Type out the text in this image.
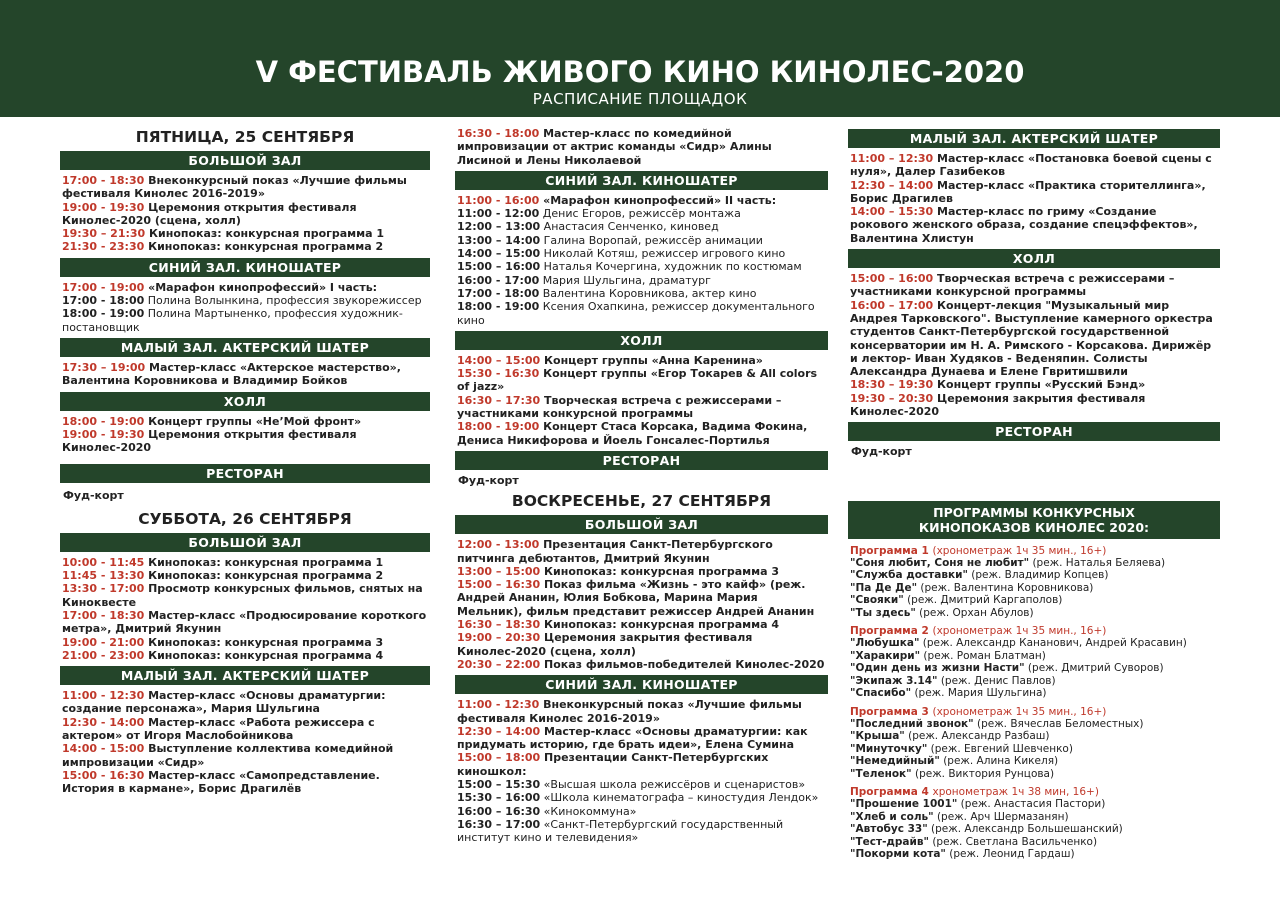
V ФЕСТИВАЛЬ ЖИВОГО КИНО КИНОЛЕС-2020
РАСПИСАНИЕ ПЛОЩАДОК
ПЯТНИЦА, 25 СЕНТЯБРЯ
БОЛЬШОЙ ЗАЛ
17:00 - 18:30 Внеконкурсный показ «Лучшие фильмы фестиваля Кинолес 2016-2019»
19:00 - 19:30 Церемония открытия фестиваля Кинолес-2020 (сцена, холл)
19:30 – 21:30 Кинопоказ: конкурсная программа 1
21:30 - 23:30 Кинопоказ: конкурсная программа 2
СИНИЙ ЗАЛ. КИНОШАТЕР
17:00 - 19:00 «Марафон кинопрофессий» I часть:
17:00 - 18:00 Полина Волынкина, профессия звукорежиссер
18:00 - 19:00 Полина Мартыненко, профессия художник-постановщик
МАЛЫЙ ЗАЛ. АКТЕРСКИЙ ШАТЕР
17:30 – 19:00 Мастер-класс «Актерское мастерство», Валентина Коровникова и Владимир Бойков
ХОЛЛ
18:00 - 19:00 Концерт группы «Не’Мой фронт»
19:00 - 19:30 Церемония открытия фестиваля Кинолес-2020
РЕСТОРАН
Фуд-корт
СУББОТА, 26 СЕНТЯБРЯ
БОЛЬШОЙ ЗАЛ
10:00 - 11:45 Кинопоказ: конкурсная программа 1
11:45 - 13:30 Кинопоказ: конкурсная программа 2
13:30 - 17:00 Просмотр конкурсных фильмов, снятых на Киноквесте
17:00 - 18:30 Мастер-класс «Продюсирование короткого метра», Дмитрий Якунин
19:00 - 21:00 Кинопоказ: конкурсная программа 3
21:00 - 23:00 Кинопоказ: конкурсная программа 4
МАЛЫЙ ЗАЛ. АКТЕРСКИЙ ШАТЕР
11:00 - 12:30 Мастер-класс «Основы драматургии: создание персонажа», Мария Шульгина
12:30 - 14:00 Мастер-класс «Работа режиссера с актером» от Игоря Маслобойникова
14:00 - 15:00 Выступление коллектива комедийной импровизации «Сидр»
15:00 - 16:30 Мастер-класс «Самопредставление. История в кармане», Борис Драгилёв
16:30 - 18:00 Мастер-класс по комедийной импровизации от актрис команды «Сидр» Алины Лисиной и Лены Николаевой
СИНИЙ ЗАЛ. КИНОШАТЕР
11:00 - 16:00 «Марафон кинопрофессий» II часть:
11:00 - 12:00 Денис Егоров, режиссёр монтажа
12:00 – 13:00 Анастасия Сенченко, киновед
13:00 – 14:00 Галина Воропай, режиссёр анимации
14:00 – 15:00 Николай Котяш, режиссер игрового кино
15:00 – 16:00 Наталья Кочергина, художник по костюмам
16:00 - 17:00 Мария Шульгина, драматург
17:00 - 18:00 Валентина Коровникова, актер кино
18:00 - 19:00 Ксения Охапкина, режиссер документального кино
ХОЛЛ
14:00 – 15:00 Концерт группы «Анна Каренина»
15:30 - 16:30 Концерт группы «Егор Токарев & All colors of jazz»
16:30 – 17:30 Творческая встреча с режиссерами – участниками конкурсной программы
18:00 - 19:00 Концерт Стаса Корсака, Вадима Фокина, Дениса Никифорова и Йоель Гонсалес-Портилья
РЕСТОРАН
Фуд-корт
ВОСКРЕСЕНЬЕ, 27 СЕНТЯБРЯ
БОЛЬШОЙ ЗАЛ
12:00 - 13:00 Презентация Санкт-Петербургского питчинга дебютантов, Дмитрий Якунин
13:00 – 15:00 Кинопоказ: конкурсная программа 3
15:00 – 16:30 Показ фильма «Жизнь - это кайф» (реж. Андрей Ананин, Юлия Бобкова, Марина Мария Мельник), фильм представит режиссер Андрей Ананин
16:30 – 18:30 Кинопоказ: конкурсная программа 4
19:00 – 20:30 Церемония закрытия фестиваля Кинолес-2020 (сцена, холл)
20:30 – 22:00 Показ фильмов-победителей Кинолес-2020
СИНИЙ ЗАЛ. КИНОШАТЕР
11:00 - 12:30 Внеконкурсный показ «Лучшие фильмы фестиваля Кинолес 2016-2019»
12:30 – 14:00 Мастер-класс «Основы драматургии: как придумать историю, где брать идеи», Елена Сумина
15:00 – 18:00 Презентации Санкт-Петербургских киношкол:
15:00 – 15:30 «Высшая школа режиссёров и сценаристов»
15:30 – 16:00 «Школа кинематографа – киностудия Лендок»
16:00 – 16:30 «Кинокоммуна»
16:30 – 17:00 «Санкт-Петербургский государственный институт кино и телевидения»
МАЛЫЙ ЗАЛ. АКТЕРСКИЙ ШАТЕР
11:00 – 12:30 Мастер-класс «Постановка боевой сцены с нуля», Далер Газибеков
12:30 – 14:00 Мастер-класс «Практика сторителлинга», Борис Драгилев
14:00 – 15:30 Мастер-класс по гриму «Создание рокового женского образа, создание спецэффектов», Валентина Хлистун
ХОЛЛ
15:00 – 16:00 Творческая встреча с режиссерами – участниками конкурсной программы
16:00 – 17:00 Концерт-лекция "Музыкальный мир Андрея Тарковского". Выступление камерного оркестра студентов Санкт-Петербургской государственной консерватории им Н. А. Римского - Корсакова. Дирижёр и лектор- Иван Худяков - Веденяпин. Солисты Александра Дунаева и Елене Гвритишвили
18:30 – 19:30 Концерт группы «Русский Бэнд»
19:30 – 20:30 Церемония закрытия фестиваля Кинолес-2020
РЕСТОРАН
Фуд-корт
ПРОГРАММЫ КОНКУРСНЫХ КИНОПОКАЗОВ КИНОЛЕС 2020:
Программа 1 (хронометраж 1ч 35 мин., 16+)
"Соня любит, Соня не любит" (реж. Наталья Беляева)
"Служба доставки" (реж. Владимир Копцев)
"Па Де Де" (реж. Валентина Коровникова)
"Свояки" (реж. Дмитрий Каргаполов)
"Ты здесь" (реж. Орхан Абулов)
Программа 2 (хронометраж 1ч 35 мин., 16+)
"Любушка" (реж. Александр Кананович, Андрей Красавин)
"Харакири" (реж. Роман Блатман)
"Один день из жизни Насти" (реж. Дмитрий Суворов)
"Экипаж 3.14" (реж. Денис Павлов)
"Спасибо" (реж. Мария Шульгина)
Программа 3 (хронометраж 1ч 35 мин., 16+)
"Последний звонок" (реж. Вячеслав Беломестных)
"Крыша" (реж. Александр Разбаш)
"Минуточку" (реж. Евгений Шевченко)
"Немедийный" (реж. Алина Кикеля)
"Теленок" (реж. Виктория Рунцова)
Программа 4 хронометраж 1ч 38 мин, 16+)
"Прошение 1001" (реж. Анастасия Пастори)
"Хлеб и соль" (реж. Арч Шермазанян)
"Автобус 33" (реж. Александр Большешанский)
"Тест-драйв" (реж. Светлана Васильченко)
"Покорми кота" (реж. Леонид Гардаш)
